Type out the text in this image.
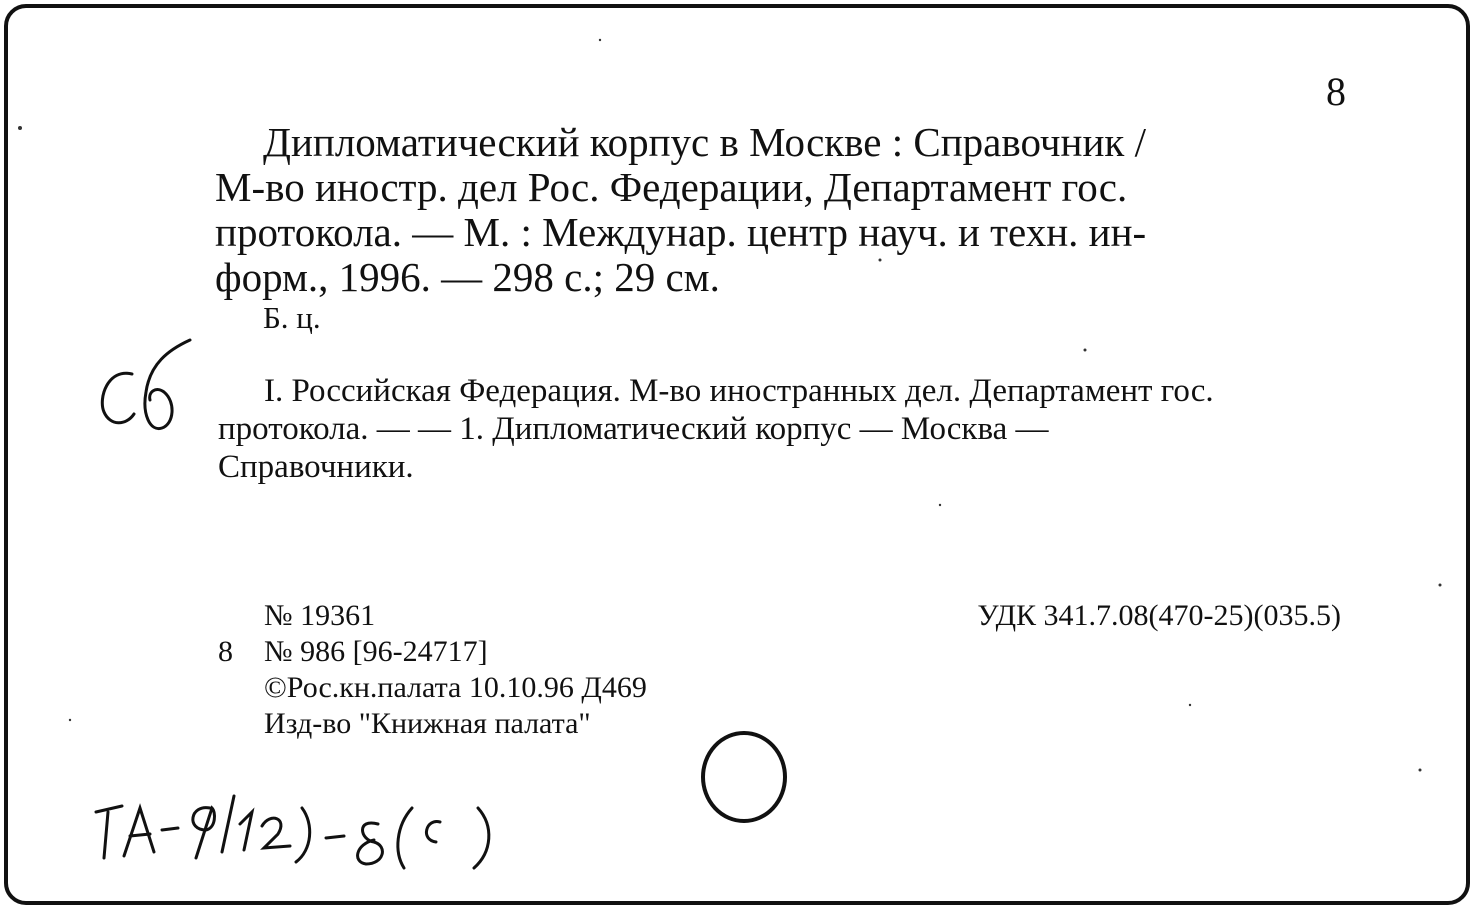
8
Дипломатический корпус в Москве : Справочник /
М-во иностр. дел Рос. Федерации, Департамент гос.
протокола. — М. : Междунар. центр науч. и техн. ин-
форм., 1996. — 298 с.; 29 см.
Б. ц.
I. Российская Федерация. М-во иностранных дел. Департамент гос.
протокола. — — 1. Дипломатический корпус — Москва —
Справочники.
№ 19361
8	№ 986 [96-24717]
©Рос.кн.палата 10.10.96 Д469
Изд-во "Книжная палата"
УДК 341.7.08(470-25)(035.5)
